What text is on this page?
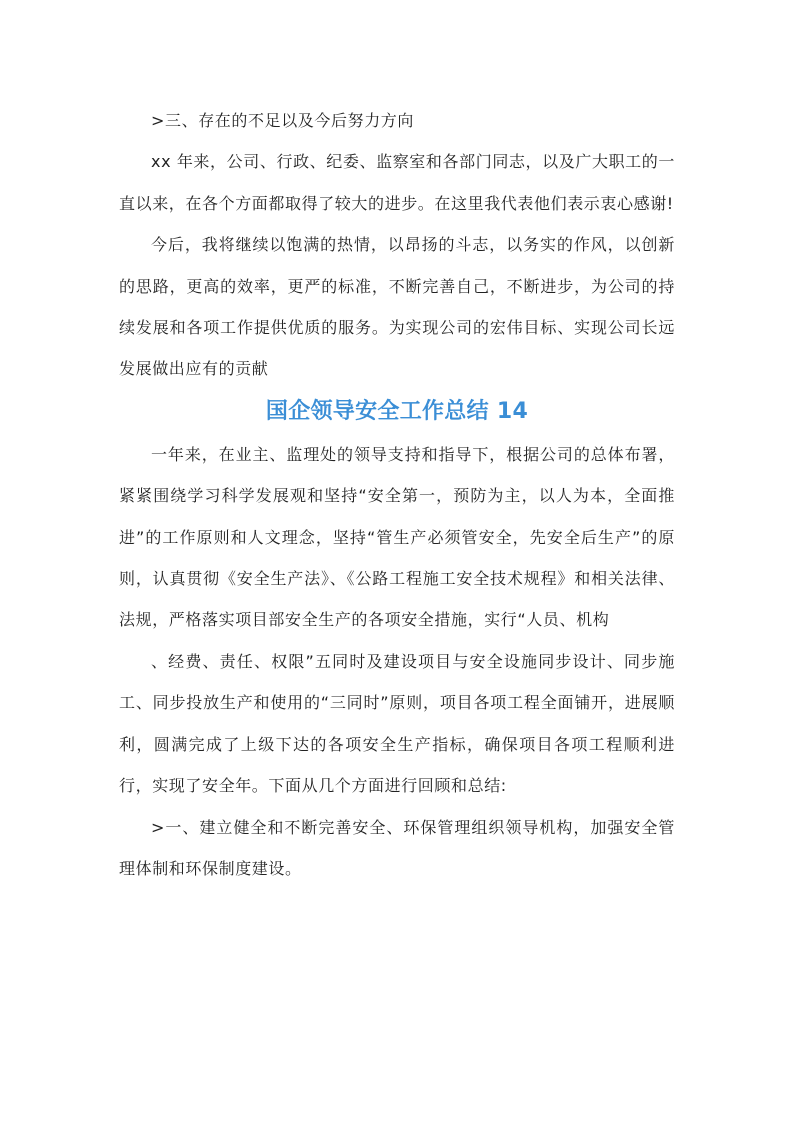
>三、存在的不足以及今后努力方向

xx 年来，公司、行政、纪委、监察室和各部门同志，以及广大职工的一直以来，在各个方面都取得了较大的进步。在这里我代表他们表示衷心感谢!

今后，我将继续以饱满的热情，以昂扬的斗志，以务实的作风，以创新的思路，更高的效率，更严的标准，不断完善自己，不断进步，为公司的持续发展和各项工作提供优质的服务。为实现公司的宏伟目标、实现公司长远发展做出应有的贡献

国企领导安全工作总结 14

一年来，在业主、监理处的领导支持和指导下，根据公司的总体布署，紧紧围绕学习科学发展观和坚持“安全第一，预防为主，以人为本，全面推进”的工作原则和人文理念，坚持“管生产必须管安全，先安全后生产”的原则，认真贯彻《安全生产法》、《公路工程施工安全技术规程》和相关法律、法规，严格落实项目部安全生产的各项安全措施，实行“人员、机构

、经费、责任、权限”五同时及建设项目与安全设施同步设计、同步施工、同步投放生产和使用的“三同时”原则，项目各项工程全面铺开，进展顺利，圆满完成了上级下达的各项安全生产指标，确保项目各项工程顺利进行，实现了安全年。下面从几个方面进行回顾和总结:

>一、建立健全和不断完善安全、环保管理组织领导机构，加强安全管理体制和环保制度建设。
